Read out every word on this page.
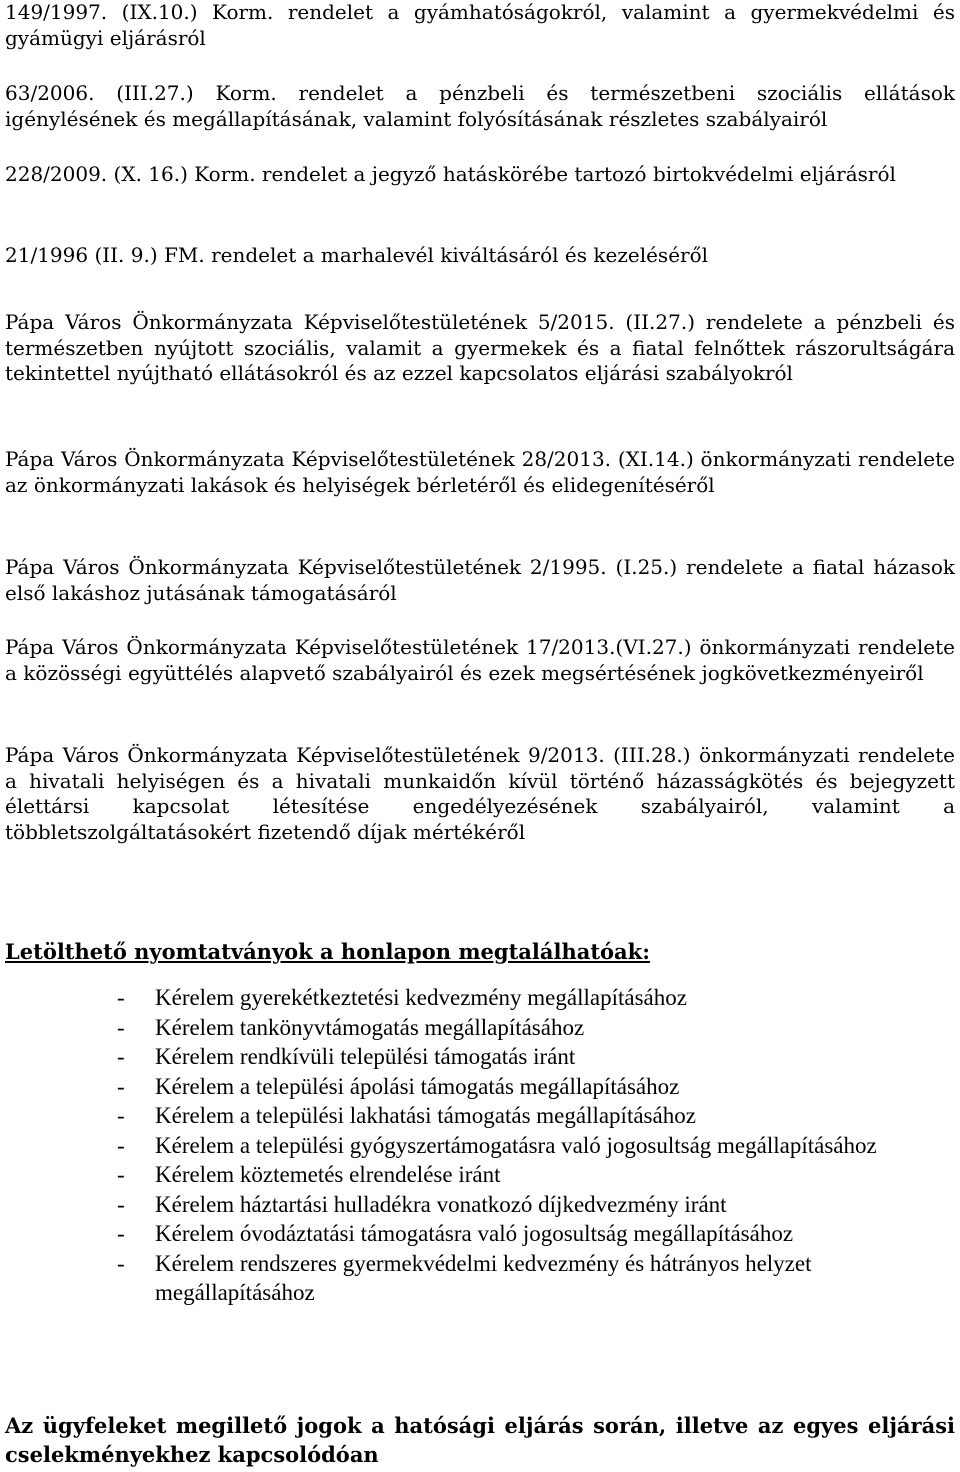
149/1997. (IX.10.) Korm. rendelet a gyámhatóságokról, valamint a gyermekvédelmi és gyámügyi eljárásról

63/2006. (III.27.) Korm. rendelet a pénzbeli és természetbeni szociális ellátások igénylésének és megállapításának, valamint folyósításának részletes szabályairól

228/2009. (X. 16.) Korm. rendelet a jegyző hatáskörébe tartozó birtokvédelmi eljárásról

21/1996 (II. 9.) FM. rendelet a marhalevél kiváltásáról és kezeléséről

Pápa Város Önkormányzata Képviselőtestületének 5/2015. (II.27.) rendelete a pénzbeli és természetben nyújtott szociális, valamit a gyermekek és a fiatal felnőttek rászorultságára tekintettel nyújtható ellátásokról és az ezzel kapcsolatos eljárási szabályokról

Pápa Város Önkormányzata Képviselőtestületének 28/2013. (XI.14.) önkormányzati rendelete az önkormányzati lakások és helyiségek bérletéről és elidegenítéséről

Pápa Város Önkormányzata Képviselőtestületének 2/1995. (I.25.) rendelete a fiatal házasok első lakáshoz jutásának támogatásáról

Pápa Város Önkormányzata Képviselőtestületének 17/2013.(VI.27.) önkormányzati rendelete a közösségi együttélés alapvető szabályairól és ezek megsértésének jogkövetkezményeiről

Pápa Város Önkormányzata Képviselőtestületének 9/2013. (III.28.) önkormányzati rendelete a hivatali helyiségen és a hivatali munkaidőn kívül történő házasságkötés és bejegyzett élettársi kapcsolat létesítése engedélyezésének szabályairól, valamint a többletszolgáltatásokért fizetendő díjak mértékéről

Letölthető nyomtatványok a honlapon megtalálhatóak:
- Kérelem gyerekétkeztetési kedvezmény megállapításához
- Kérelem tankönyvtámogatás megállapításához
- Kérelem rendkívüli települési támogatás iránt
- Kérelem a települési ápolási támogatás megállapításához
- Kérelem a települési lakhatási támogatás megállapításához
- Kérelem a települési gyógyszertámogatásra való jogosultság megállapításához
- Kérelem köztemetés elrendelése iránt
- Kérelem háztartási hulladékra vonatkozó díjkedvezmény iránt
- Kérelem óvodáztatási támogatásra való jogosultság megállapításához
- Kérelem rendszeres gyermekvédelmi kedvezmény és hátrányos helyzet megállapításához
Az ügyfeleket megillető jogok a hatósági eljárás során, illetve az egyes eljárási cselekményekhez kapcsolódóan
